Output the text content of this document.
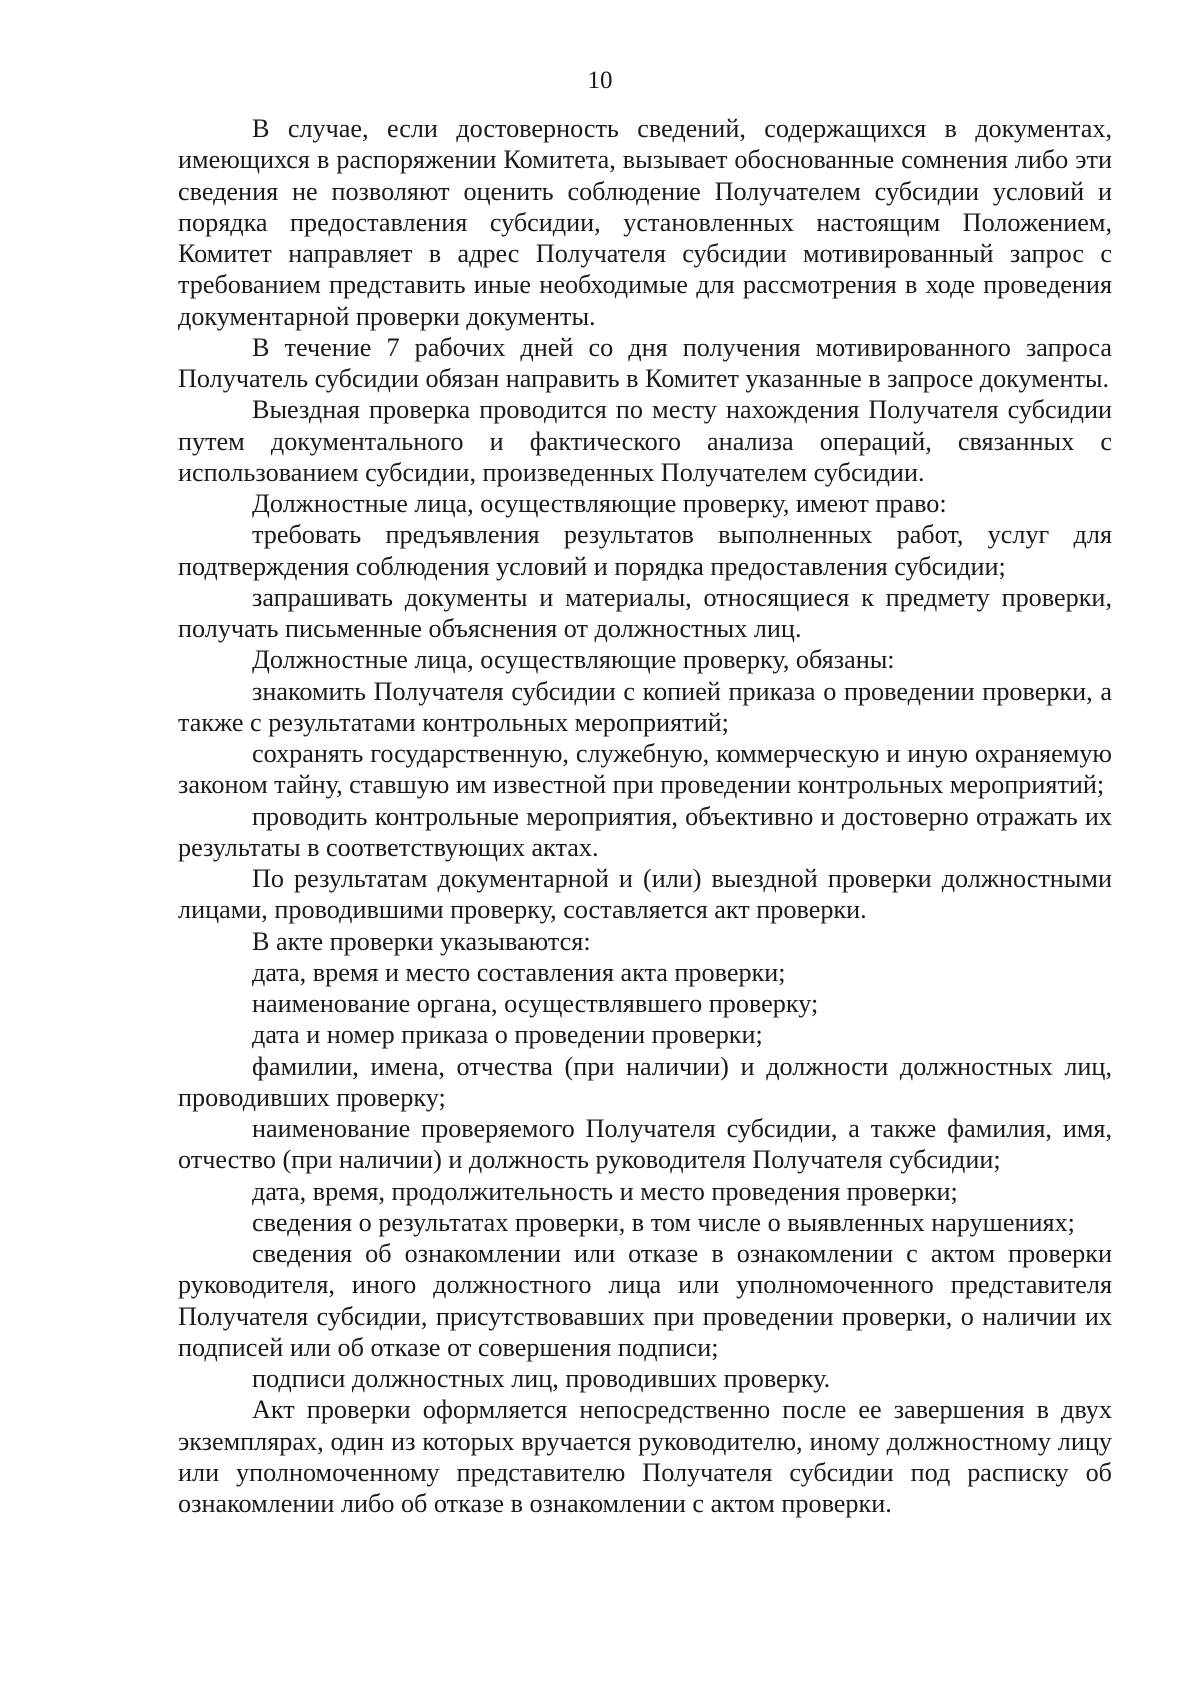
10

В случае, если достоверность сведений, содержащихся в документах, имеющихся в распоряжении Комитета, вызывает обоснованные сомнения либо эти сведения не позволяют оценить соблюдение Получателем субсидии условий и порядка предоставления субсидии, установленных настоящим Положением, Комитет направляет в адрес Получателя субсидии мотивированный запрос с требованием представить иные необходимые для рассмотрения в ходе проведения документарной проверки документы.

В течение 7 рабочих дней со дня получения мотивированного запроса Получатель субсидии обязан направить в Комитет указанные в запросе документы.

Выездная проверка проводится по месту нахождения Получателя субсидии путем документального и фактического анализа операций, связанных с использованием субсидии, произведенных Получателем субсидии.

Должностные лица, осуществляющие проверку, имеют право:

требовать предъявления результатов выполненных работ, услуг для подтверждения соблюдения условий и порядка предоставления субсидии;

запрашивать документы и материалы, относящиеся к предмету проверки, получать письменные объяснения от должностных лиц.

Должностные лица, осуществляющие проверку, обязаны:

знакомить Получателя субсидии с копией приказа о проведении проверки, а также с результатами контрольных мероприятий;

сохранять государственную, служебную, коммерческую и иную охраняемую законом тайну, ставшую им известной при проведении контрольных мероприятий;

проводить контрольные мероприятия, объективно и достоверно отражать их результаты в соответствующих актах.

По результатам документарной и (или) выездной проверки должностными лицами, проводившими проверку, составляется акт проверки.

В акте проверки указываются:

дата, время и место составления акта проверки;

наименование органа, осуществлявшего проверку;

дата и номер приказа о проведении проверки;

фамилии, имена, отчества (при наличии) и должности должностных лиц, проводивших проверку;

наименование проверяемого Получателя субсидии, а также фамилия, имя, отчество (при наличии) и должность руководителя Получателя субсидии;

дата, время, продолжительность и место проведения проверки;

сведения о результатах проверки, в том числе о выявленных нарушениях;

сведения об ознакомлении или отказе в ознакомлении с актом проверки руководителя, иного должностного лица или уполномоченного представителя Получателя субсидии, присутствовавших при проведении проверки, о наличии их подписей или об отказе от совершения подписи;

подписи должностных лиц, проводивших проверку.

Акт проверки оформляется непосредственно после ее завершения в двух экземплярах, один из которых вручается руководителю, иному должностному лицу или уполномоченному представителю Получателя субсидии под расписку об ознакомлении либо об отказе в ознакомлении с актом проверки.
